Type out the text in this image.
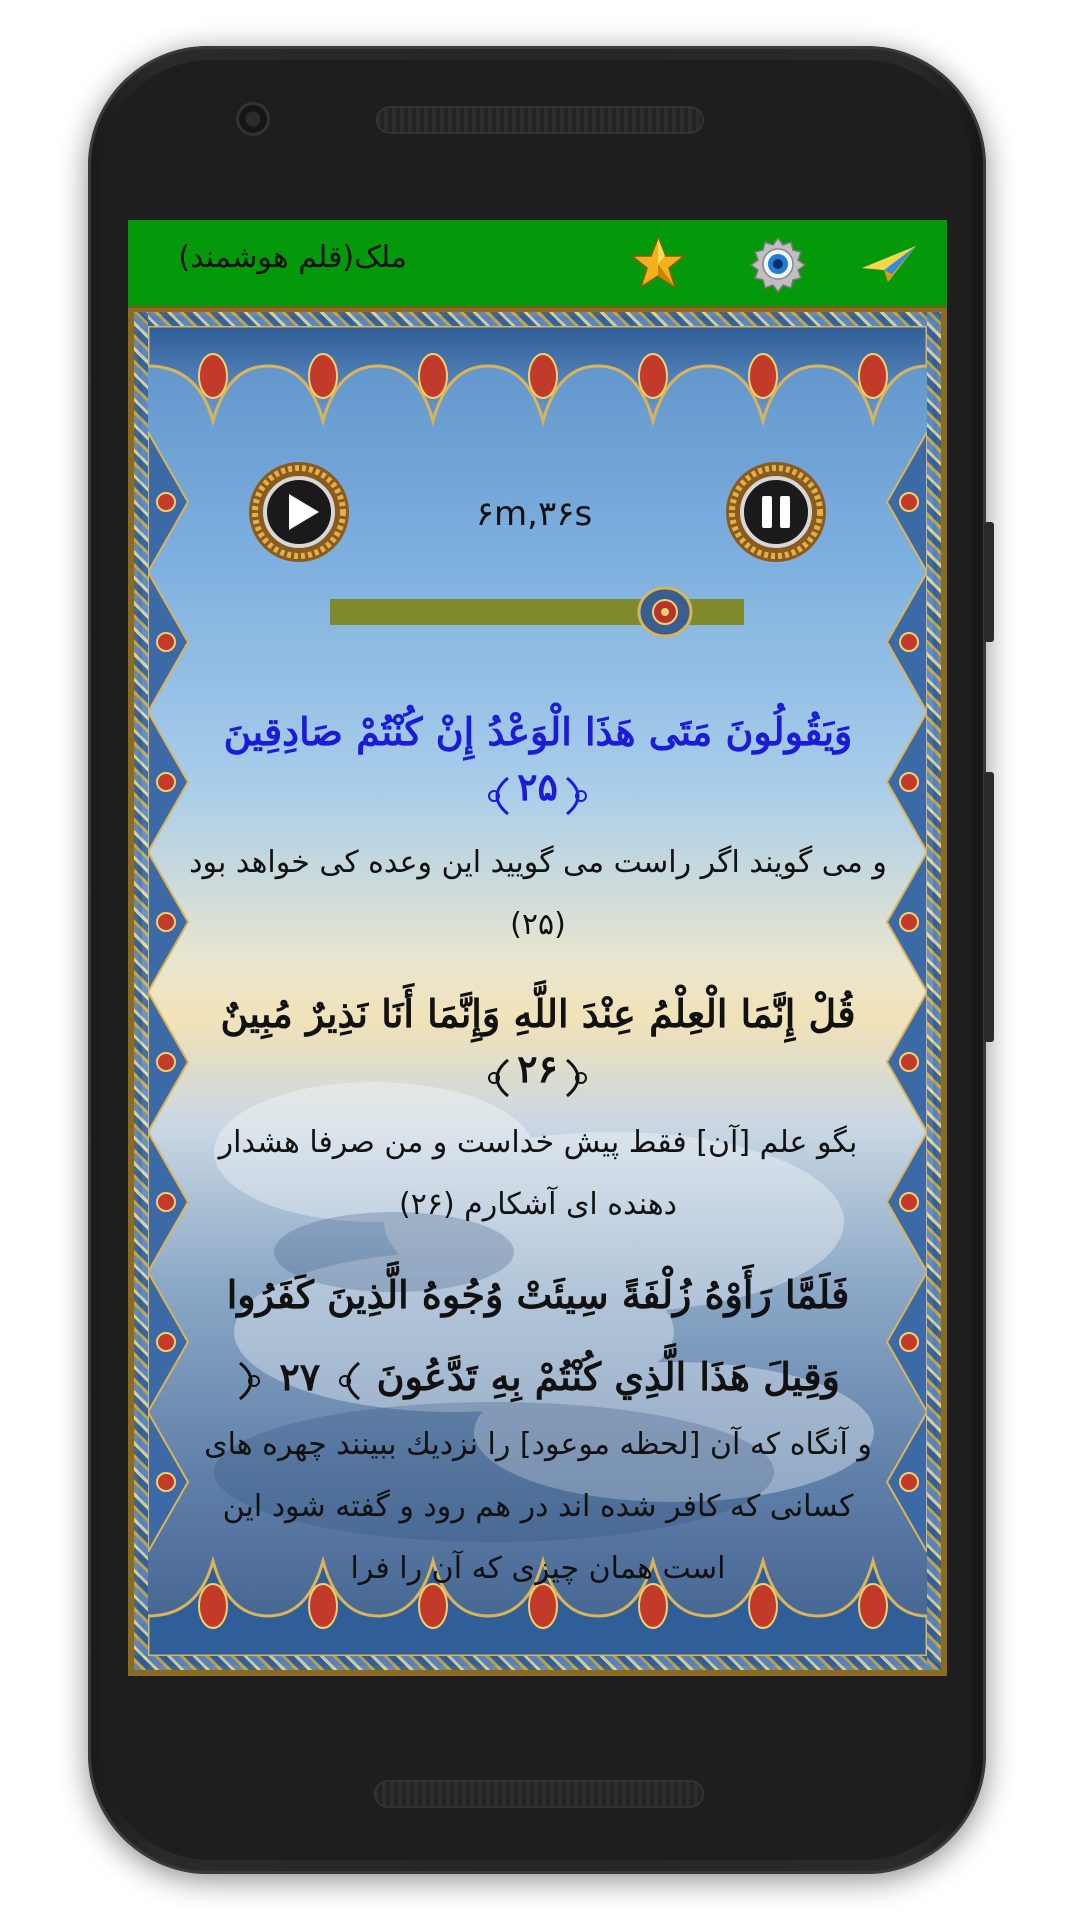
ملک(قلم هوشمند)
۶m,۳۶s
وَيَقُولُونَ مَتَى هَذَا الْوَعْدُ إِنْ كُنْتُمْ صَادِقِينَ
۲۵
و می گويند اگر راست می گوييد اين وعده كی خواهد بود (۲۵)
قُلْ إِنَّمَا الْعِلْمُ عِنْدَ اللَّهِ وَإِنَّمَا أَنَا نَذِيرٌ مُبِينٌ
۲۶
بگو علم [آن] فقط پيش خداست و من صرفا هشدار دهنده ای آشكارم (۲۶)
فَلَمَّا رَأَوْهُ زُلْفَةً سِيئَتْ وُجُوهُ الَّذِينَ كَفَرُوا وَقِيلَ هَذَا الَّذِي كُنْتُمْ بِهِ تَدَّعُونَ  ۲۷
و آنگاه كه آن [لحظه موعود] را نزديك ببينند چهره های كسانی كه كافر شده اند در هم رود و گفته شود اين است همان چيزی كه آن را فرا
